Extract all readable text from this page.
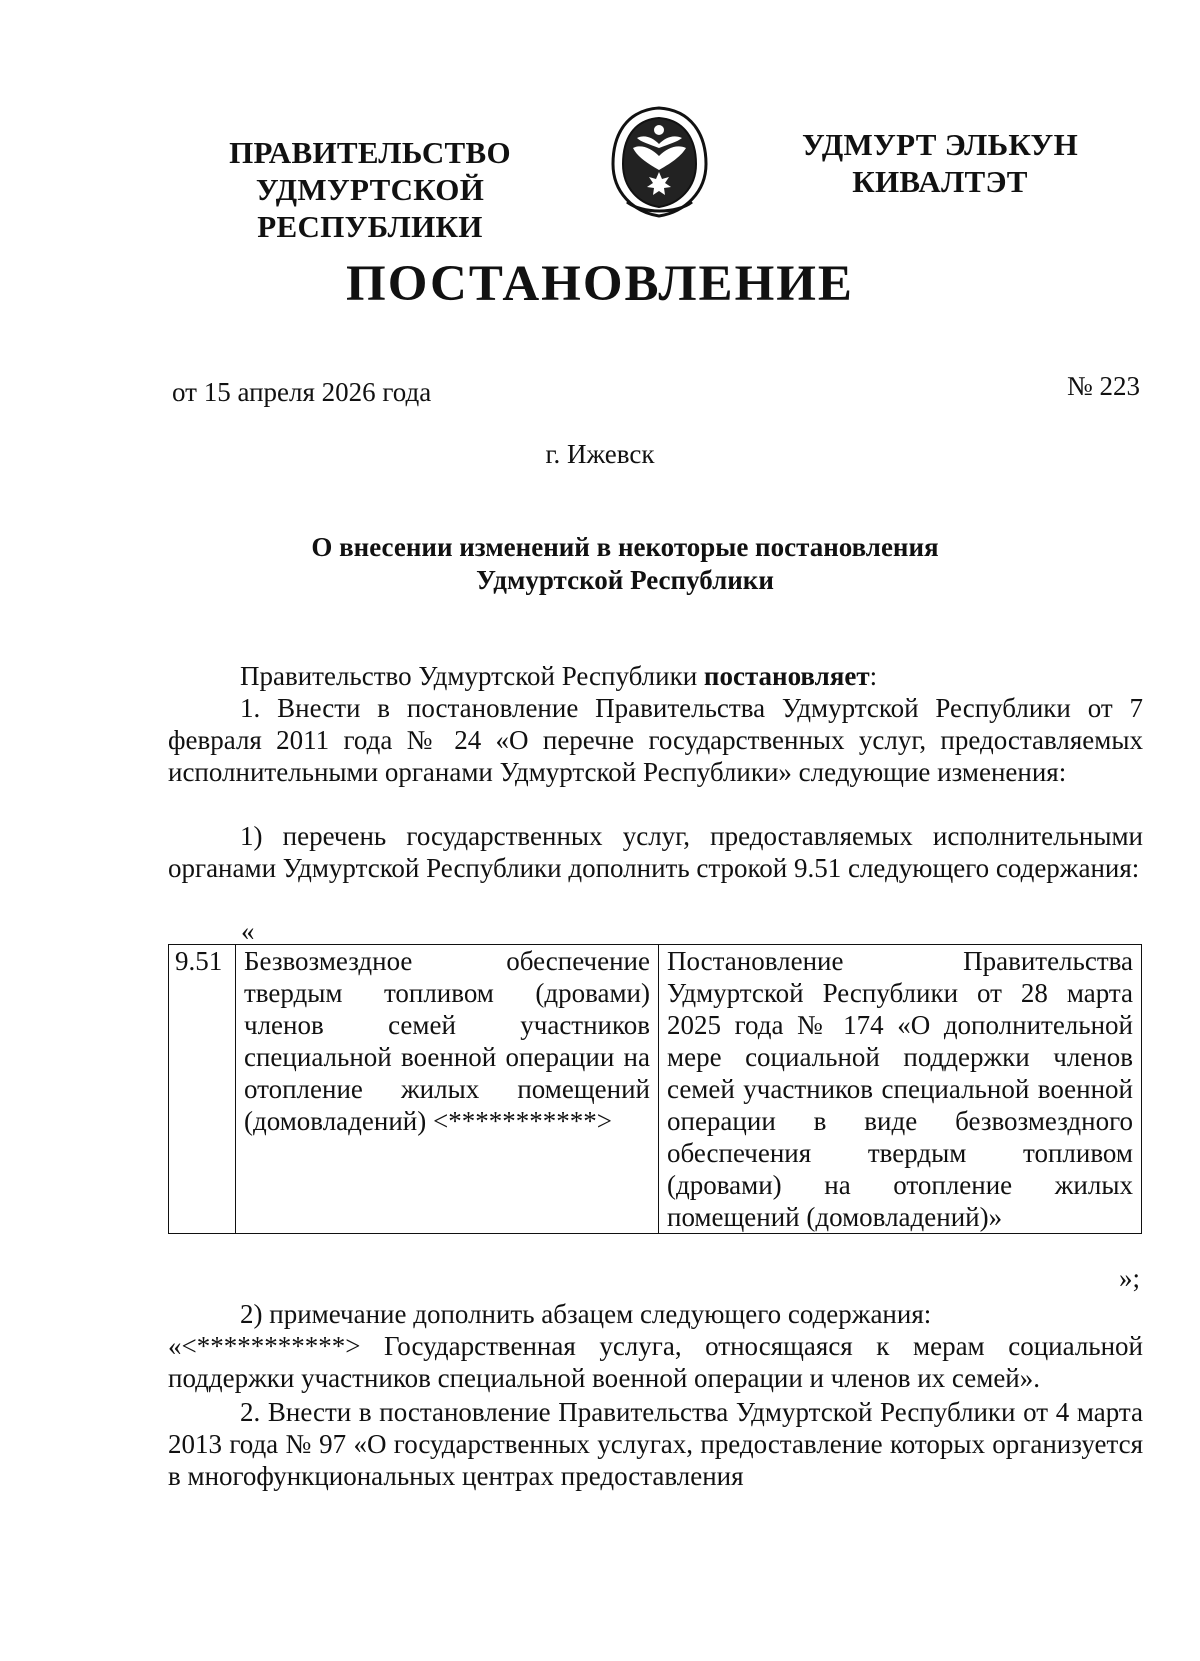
ПРАВИТЕЛЬСТВО
УДМУРТСКОЙ РЕСПУБЛИКИ
УДМУРТ ЭЛЬКУН
КИВАЛТЭТ
ПОСТАНОВЛЕНИЕ
от 15 апреля 2026 года	№ 223
г. Ижевск
О внесении изменений в некоторые постановления
Удмуртской Республики
Правительство Удмуртской Республики постановляет:
1. Внести в постановление Правительства Удмуртской Республики от 7 февраля 2011 года № 24 «О перечне государственных услуг, предоставляемых исполнительными органами Удмуртской Республики» следующие изменения:
1) перечень государственных услуг, предоставляемых исполнительными органами Удмуртской Республики дополнить строкой 9.51 следующего содержания:
«
9.51	Безвозмездное обеспечение твердым топливом (дровами) членов семей участников специальной военной операции на отопление жилых помещений (домовладений) <***********>	Постановление Правительства Удмуртской Республики от 28 марта 2025 года № 174 «О дополнительной мере социальной поддержки членов семей участников специальной военной операции в виде безвозмездного обеспечения твердым топливом (дровами) на отопление жилых помещений (домовладений)»
»;
2) примечание дополнить абзацем следующего содержания:
«<***********> Государственная услуга, относящаяся к мерам социальной поддержки участников специальной военной операции и членов их семей».
2. Внести в постановление Правительства Удмуртской Республики от 4 марта 2013 года № 97 «О государственных услугах, предоставление которых организуется в многофункциональных центрах предоставления
